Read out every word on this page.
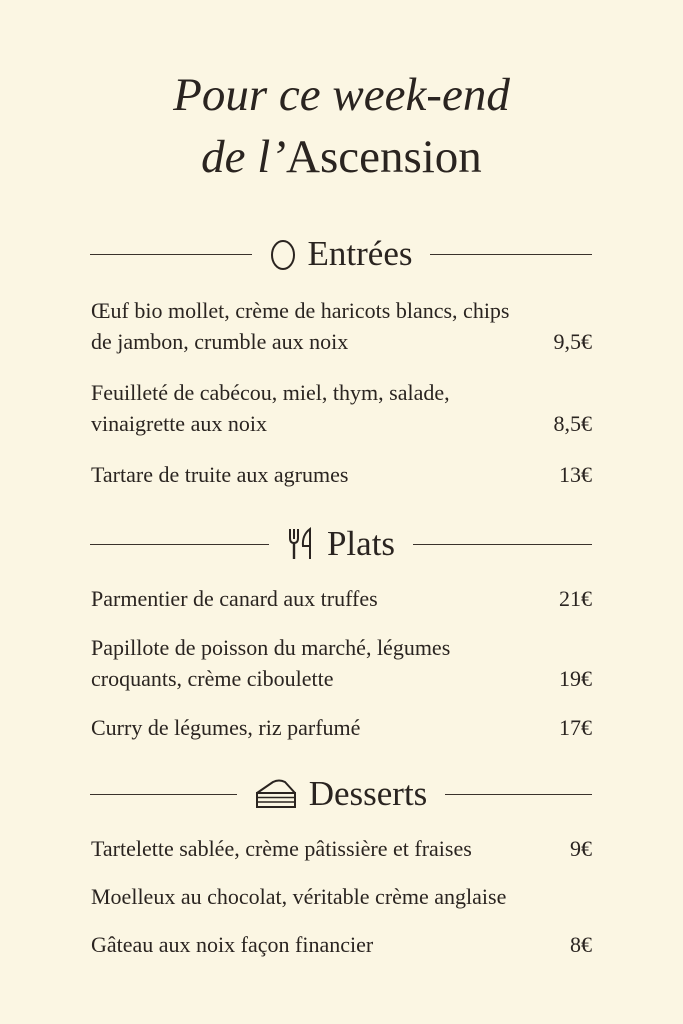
Pour ce week-end
de l’Ascension
Entrées
Œuf bio mollet, crème de haricots blancs, chips de jambon, crumble aux noix	9,5€
Feuilleté de cabécou, miel, thym, salade, vinaigrette aux noix	8,5€
Tartare de truite aux agrumes	13€
Plats
Parmentier de canard aux truffes	21€
Papillote de poisson du marché, légumes croquants, crème ciboulette	19€
Curry de légumes, riz parfumé	17€
Desserts
Tartelette sablée, crème pâtissière et fraises	9€
Moelleux au chocolat, véritable crème anglaise
Gâteau aux noix façon financier	8€
